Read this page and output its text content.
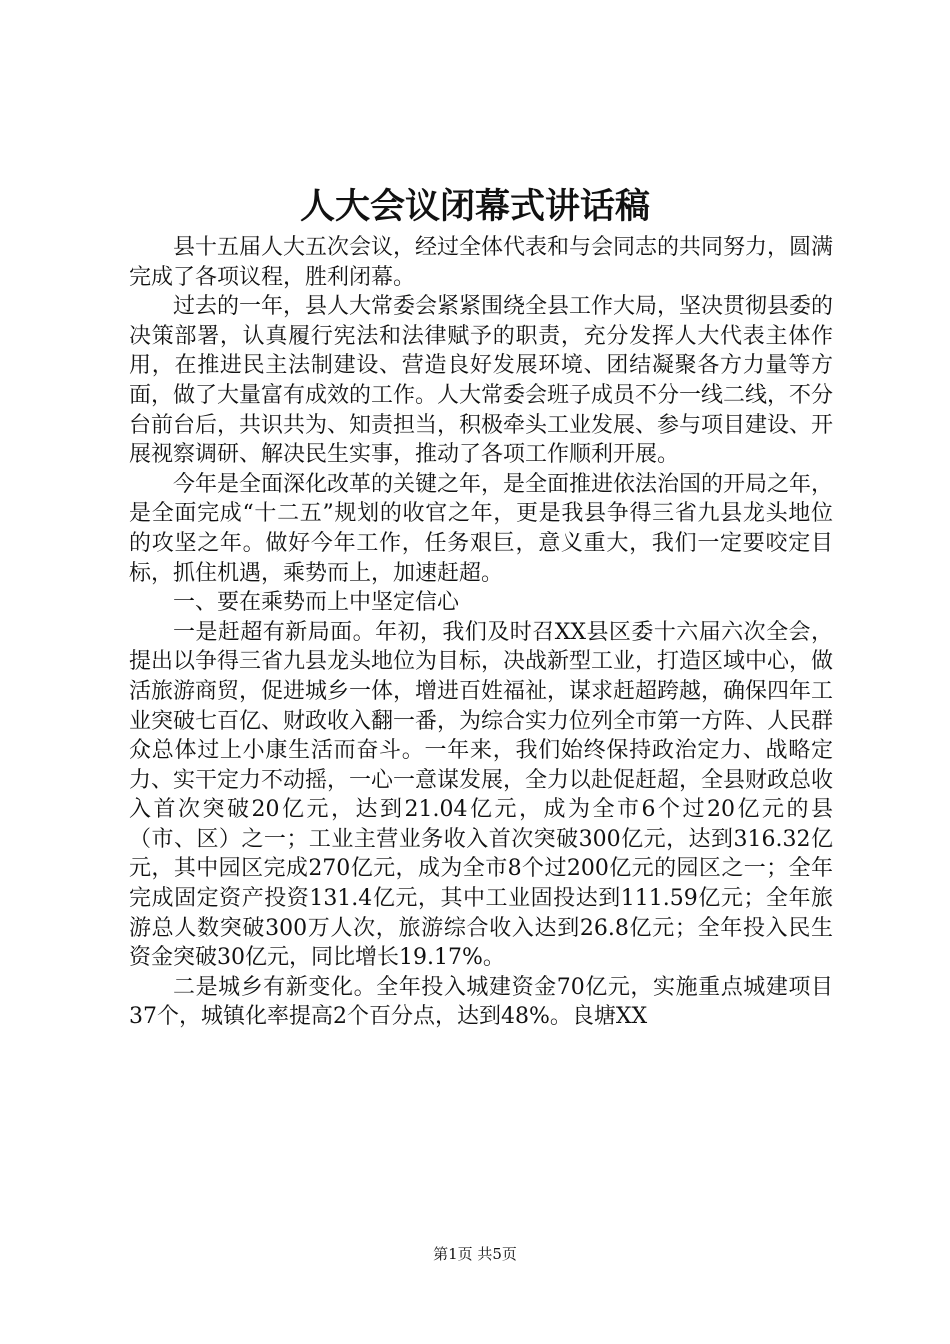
人大会议闭幕式讲话稿

县十五届人大五次会议，经过全体代表和与会同志的共同努力，圆满完成了各项议程，胜利闭幕。

过去的一年，县人大常委会紧紧围绕全县工作大局，坚决贯彻县委的决策部署，认真履行宪法和法律赋予的职责，充分发挥人大代表主体作用，在推进民主法制建设、营造良好发展环境、团结凝聚各方力量等方面，做了大量富有成效的工作。人大常委会班子成员不分一线二线，不分台前台后，共识共为、知责担当，积极牵头工业发展、参与项目建设、开展视察调研、解决民生实事，推动了各项工作顺利开展。

今年是全面深化改革的关键之年，是全面推进依法治国的开局之年，是全面完成“十二五”规划的收官之年，更是我县争得三省九县龙头地位的攻坚之年。做好今年工作，任务艰巨，意义重大，我们一定要咬定目标，抓住机遇，乘势而上，加速赶超。

一、要在乘势而上中坚定信心

一是赶超有新局面。年初，我们及时召XX县区委十六届六次全会，提出以争得三省九县龙头地位为目标，决战新型工业，打造区域中心，做活旅游商贸，促进城乡一体，增进百姓福祉，谋求赶超跨越，确保四年工业突破七百亿、财政收入翻一番，为综合实力位列全市第一方阵、人民群众总体过上小康生活而奋斗。一年来，我们始终保持政治定力、战略定力、实干定力不动摇，一心一意谋发展，全力以赴促赶超，全县财政总收入首次突破20亿元，达到21.04亿元，成为全市6个过20亿元的县（市、区）之一；工业主营业务收入首次突破300亿元，达到316.32亿元，其中园区完成270亿元，成为全市8个过200亿元的园区之一；全年完成固定资产投资131.4亿元，其中工业固投达到111.59亿元；全年旅游总人数突破300万人次，旅游综合收入达到26.8亿元；全年投入民生资金突破30亿元，同比增长19.17%。

二是城乡有新变化。全年投入城建资金70亿元，实施重点城建项目37个，城镇化率提高2个百分点，达到48%。良塘XX

第1页 共5页
